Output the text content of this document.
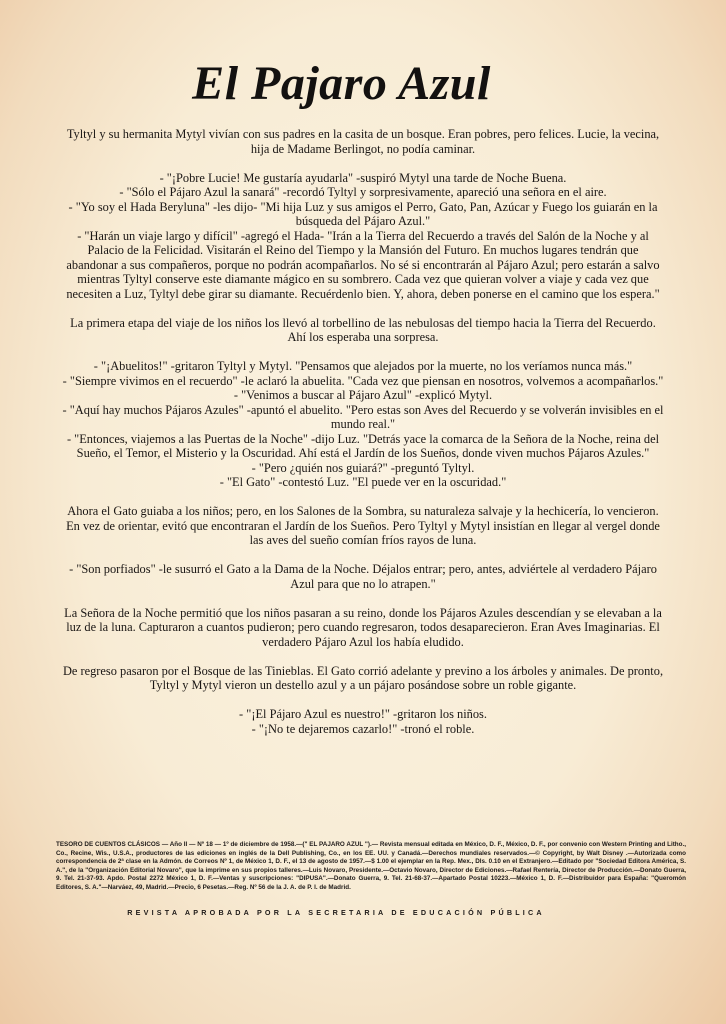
El Pajaro Azul

Tyltyl y su hermanita Mytyl vivían con sus padres en la casita de un bosque. Eran pobres, pero felices. Lucie, la vecina, hija de Madame Berlingot, no podía caminar.

- "¡Pobre Lucie! Me gustaría ayudarla" -suspiró Mytyl una tarde de Noche Buena.

- "Sólo el Pájaro Azul la sanará" -recordó Tyltyl y sorpresivamente, apareció una señora en el aire.

- "Yo soy el Hada Beryluna" -les dijo- "Mi hija Luz y sus amigos el Perro, Gato, Pan, Azúcar y Fuego los guiarán en la búsqueda del Pájaro Azul."

- "Harán un viaje largo y difícil" -agregó el Hada- "Irán a la Tierra del Recuerdo a través del Salón de la Noche y al Palacio de la Felicidad. Visitarán el Reino del Tiempo y la Mansión del Futuro. En muchos lugares tendrán que abandonar a sus compañeros, porque no podrán acompañarlos. No sé si encontrarán al Pájaro Azul; pero estarán a salvo mientras Tyltyl conserve este diamante mágico en su sombrero. Cada vez que quieran volver a viaje y cada vez que necesiten a Luz, Tyltyl debe girar su diamante. Recuérdenlo bien. Y, ahora, deben ponerse en el camino que los espera."

La primera etapa del viaje de los niños los llevó al torbellino de las nebulosas del tiempo hacia la Tierra del Recuerdo. Ahí los esperaba una sorpresa.

- "¡Abuelitos!" -gritaron Tyltyl y Mytyl. "Pensamos que alejados por la muerte, no los veríamos nunca más."

- "Siempre vivimos en el recuerdo" -le aclaró la abuelita. "Cada vez que piensan en nosotros, volvemos a acompañarlos."

- "Venimos a buscar al Pájaro Azul" -explicó Mytyl.

- "Aquí hay muchos Pájaros Azules" -apuntó el abuelito. "Pero estas son Aves del Recuerdo y se volverán invisibles en el mundo real."

- "Entonces, viajemos a las Puertas de la Noche" -dijo Luz. "Detrás yace la comarca de la Señora de la Noche, reina del Sueño, el Temor, el Misterio y la Oscuridad. Ahí está el Jardín de los Sueños, donde viven muchos Pájaros Azules."

- "Pero ¿quién nos guiará?" -preguntó Tyltyl.

- "El Gato" -contestó Luz. "El puede ver en la oscuridad."

Ahora el Gato guiaba a los niños; pero, en los Salones de la Sombra, su naturaleza salvaje y la hechicería, lo vencieron. En vez de orientar, evitó que encontraran el Jardín de los Sueños. Pero Tyltyl y Mytyl insistían en llegar al vergel donde las aves del sueño comían fríos rayos de luna.

- "Son porfiados" -le susurró el Gato a la Dama de la Noche. Déjalos entrar; pero, antes, adviértele al verdadero Pájaro Azul para que no lo atrapen."

La Señora de la Noche permitió que los niños pasaran a su reino, donde los Pájaros Azules descendían y se elevaban a la luz de la luna. Capturaron a cuantos pudieron; pero cuando regresaron, todos desaparecieron. Eran Aves Imaginarias. El verdadero Pájaro Azul los había eludido.

De regreso pasaron por el Bosque de las Tinieblas. El Gato corrió adelante y previno a los árboles y animales. De pronto, Tyltyl y Mytyl vieron un destello azul y a un pájaro posándose sobre un roble gigante.

- "¡El Pájaro Azul es nuestro!" -gritaron los niños.

- "¡No te dejaremos cazarlo!" -tronó el roble.

TESORO DE CUENTOS CLÁSICOS — Año II — Nº 18 — 1º de diciembre de 1958.—(" EL PAJARO AZUL ").— Revista mensual editada en México, D. F., México, D. F., por convenio con Western Printing and Litho., Co., Recine, Wis., U.S.A., productores de las ediciones en inglés de la Dell Publishing, Co., en los EE. UU. y Canadá.—Derechos mundiales reservados.—© Copyright, by Walt Disney .—Autorizada como correspondencia de 2ª clase en la Admón. de Correos Nº 1, de México 1, D. F., el 13 de agosto de 1957.—$ 1.00 el ejemplar en la Rep. Mex., Dls. 0.10 en el Extranjero.—Editado por "Sociedad Editora América, S. A.", de la "Organización Editorial Novaro", que la imprime en sus propios talleres.—Luis Novaro, Presidente.—Octavio Novaro, Director de Ediciones.—Rafael Rentería, Director de Producción.—Donato Guerra, 9. Tel. 21-37-93. Apdo. Postal 2272 México 1, D. F.—Ventas y suscripciones: "DIPUSA".—Donato Guerra, 9. Tel. 21-68-37.—Apartado Postal 10223.—México 1, D. F.—Distribuidor para España: "Queromón Editores, S. A."—Narváez, 49, Madrid.—Precio, 6 Pesetas.—Reg. Nº 56 de la J. A. de P. I. de Madrid.
REVISTA APROBADA POR LA SECRETARIA DE EDUCACIÓN PÚBLICA
